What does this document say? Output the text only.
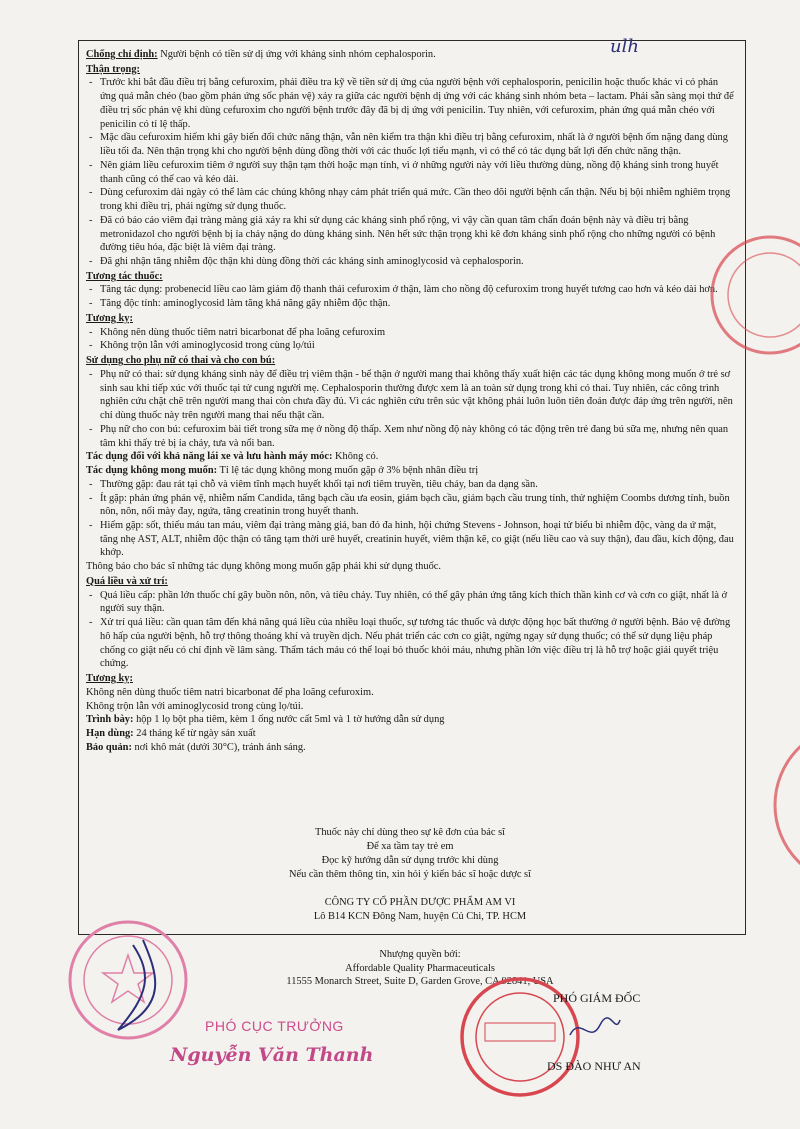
ulh

Chống chỉ định: Người bệnh có tiền sử dị ứng với kháng sinh nhóm cephalosporin.

Thận trọng:

- Trước khi bắt đầu điều trị bằng cefuroxim, phải điều tra kỹ về tiền sử dị ứng của người bệnh với cephalosporin, penicilin hoặc thuốc khác vì có phản ứng quá mẫn chéo (bao gồm phản ứng sốc phản vệ) xảy ra giữa các người bệnh dị ứng với các kháng sinh nhóm beta – lactam. Phải sẵn sàng mọi thứ để điều trị sốc phản vệ khi dùng cefuroxim cho người bệnh trước đây đã bị dị ứng với penicilin. Tuy nhiên, với cefuroxim, phản ứng quá mẫn chéo với penicilin có tỉ lệ thấp.
- Mặc dầu cefuroxim hiếm khi gây biến đổi chức năng thận, vẫn nên kiểm tra thận khi điều trị bằng cefuroxim, nhất là ở người bệnh ốm nặng đang dùng liều tối đa. Nên thận trọng khi cho người bệnh dùng đồng thời với các thuốc lợi tiểu mạnh, vì có thể có tác dụng bất lợi đến chức năng thận.
- Nên giảm liều cefuroxim tiêm ở người suy thận tạm thời hoặc mạn tính, vì ở những người này với liều thường dùng, nồng độ kháng sinh trong huyết thanh cũng có thể cao và kéo dài.
- Dùng cefuroxim dài ngày có thể làm các chủng không nhạy cảm phát triển quá mức. Cần theo dõi người bệnh cẩn thận. Nếu bị bội nhiễm nghiêm trọng trong khi điều trị, phải ngừng sử dụng thuốc.
- Đã có báo cáo viêm đại tràng màng giả xảy ra khi sử dụng các kháng sinh phổ rộng, vì vậy cần quan tâm chẩn đoán bệnh này và điều trị bằng metronidazol cho người bệnh bị ỉa chảy nặng do dùng kháng sinh. Nên hết sức thận trọng khi kê đơn kháng sinh phổ rộng cho những người có bệnh đường tiêu hóa, đặc biệt là viêm đại tràng.
- Đã ghi nhận tăng nhiễm độc thận khi dùng đồng thời các kháng sinh aminoglycosid và cephalosporin.

Tương tác thuốc:

- Tăng tác dụng: probenecid liều cao làm giảm độ thanh thải cefuroxim ở thận, làm cho nồng độ cefuroxim trong huyết tương cao hơn và kéo dài hơn.
- Tăng độc tính: aminoglycosid làm tăng khả năng gây nhiễm độc thận.

Tương kỵ:

- Không nên dùng thuốc tiêm natri bicarbonat để pha loãng cefuroxim
- Không trộn lẫn với aminoglycosid trong cùng lọ/túi

Sử dụng cho phụ nữ có thai và cho con bú:

- Phụ nữ có thai: sử dụng kháng sinh này để điều trị viêm thận - bể thận ở người mang thai không thấy xuất hiện các tác dụng không mong muốn ở trẻ sơ sinh sau khi tiếp xúc với thuốc tại tử cung người mẹ. Cephalosporin thường được xem là an toàn sử dụng trong khi có thai. Tuy nhiên, các công trình nghiên cứu chặt chẽ trên người mang thai còn chưa đầy đủ. Vì các nghiên cứu trên súc vật không phải luôn luôn tiên đoán được đáp ứng trên người, nên chỉ dùng thuốc này trên người mang thai nếu thật cần.
- Phụ nữ cho con bú: cefuroxim bài tiết trong sữa mẹ ở nồng độ thấp. Xem như nồng độ này không có tác động trên trẻ đang bú sữa mẹ, nhưng nên quan tâm khi thấy trẻ bị ỉa chảy, tưa và nổi ban.

Tác dụng đối với khả năng lái xe và lưu hành máy móc: Không có.

Tác dụng không mong muốn: Tỉ lệ tác dụng không mong muốn gặp ở 3% bệnh nhân điều trị

- Thường gặp: đau rát tại chỗ và viêm tĩnh mạch huyết khối tại nơi tiêm truyền, tiêu chảy, ban da dạng sần.
- Ít gặp: phản ứng phản vệ, nhiễm nấm Candida, tăng bạch cầu ưa eosin, giảm bạch cầu, giảm bạch cầu trung tính, thử nghiệm Coombs dương tính, buồn nôn, nôn, nổi mày đay, ngứa, tăng creatinin trong huyết thanh.
- Hiếm gặp: sốt, thiếu máu tan máu, viêm đại tràng màng giả, ban đỏ đa hình, hội chứng Stevens - Johnson, hoại tử biểu bì nhiễm độc, vàng da ứ mật, tăng nhẹ AST, ALT, nhiễm độc thận có tăng tạm thời urê huyết, creatinin huyết, viêm thận kẽ, co giật (nếu liều cao và suy thận), đau đầu, kích động, đau khớp.

Thông báo cho bác sĩ những tác dụng không mong muốn gặp phải khi sử dụng thuốc.

Quá liều và xử trí:

- Quá liều cấp: phần lớn thuốc chỉ gây buồn nôn, nôn, và tiêu chảy. Tuy nhiên, có thể gây phản ứng tăng kích thích thần kinh cơ và cơn co giật, nhất là ở người suy thận.
- Xử trí quá liều: cần quan tâm đến khả năng quá liều của nhiều loại thuốc, sự tương tác thuốc và dược động học bất thường ở người bệnh. Bảo vệ đường hô hấp của người bệnh, hỗ trợ thông thoáng khí và truyền dịch. Nếu phát triển các cơn co giật, ngừng ngay sử dụng thuốc; có thể sử dụng liệu pháp chống co giật nếu có chỉ định về lâm sàng. Thẩm tách máu có thể loại bỏ thuốc khỏi máu, nhưng phần lớn việc điều trị là hỗ trợ hoặc giải quyết triệu chứng.

Tương kỵ:

Không nên dùng thuốc tiêm natri bicarbonat để pha loãng cefuroxim.

Không trộn lẫn với aminoglycosid trong cùng lọ/túi.

Trình bày: hộp 1 lọ bột pha tiêm, kèm 1 ống nước cất 5ml và 1 tờ hướng dẫn sử dụng

Hạn dùng: 24 tháng kể từ ngày sản xuất

Bảo quản: nơi khô mát (dưới 30°C), tránh ánh sáng.

Thuốc này chỉ dùng theo sự kê đơn của bác sĩ
Để xa tầm tay trẻ em
Đọc kỹ hướng dẫn sử dụng trước khi dùng
Nếu cần thêm thông tin, xin hỏi ý kiến bác sĩ hoặc dược sĩ
CÔNG TY CỔ PHẦN DƯỢC PHẨM AM VI
Lô B14 KCN Đông Nam, huyện Củ Chi, TP. HCM
Nhượng quyền bởi:
Affordable Quality Pharmaceuticals
11555 Monarch Street, Suite D, Garden Grove, CA 92841, USA
PHÓ CỤC TRƯỞNG
Nguyễn Văn Thanh
PHÓ GIÁM ĐỐC
DS ĐÀO NHƯ AN
